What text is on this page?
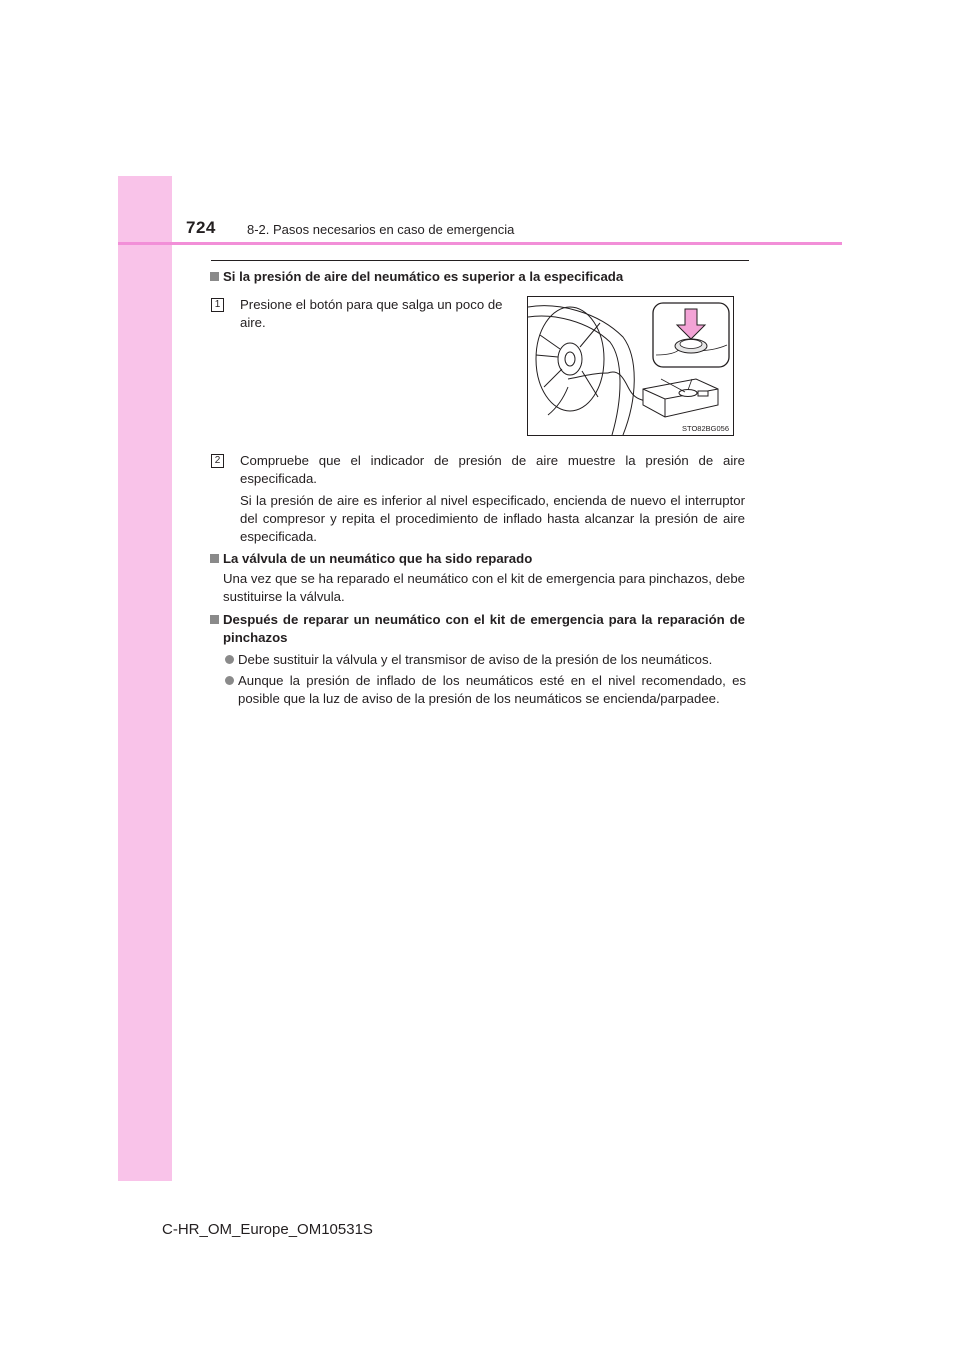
724 8-2. Pasos necesarios en caso de emergencia
Si la presión de aire del neumático es superior a la especificada
1 Presione el botón para que salga un poco de aire.
STO82BG056
2 Compruebe que el indicador de presión de aire muestre la presión de aire especificada.
Si la presión de aire es inferior al nivel especificado, encienda de nuevo el interruptor del compresor y repita el procedimiento de inflado hasta alcanzar la presión de aire especificada.
La válvula de un neumático que ha sido reparado
Una vez que se ha reparado el neumático con el kit de emergencia para pinchazos, debe sustituirse la válvula.
Después de reparar un neumático con el kit de emergencia para la reparación de pinchazos
Debe sustituir la válvula y el transmisor de aviso de la presión de los neumáticos.
Aunque la presión de inflado de los neumáticos esté en el nivel recomendado, es posible que la luz de aviso de la presión de los neumáticos se encienda/parpadee.
C-HR_OM_Europe_OM10531S
